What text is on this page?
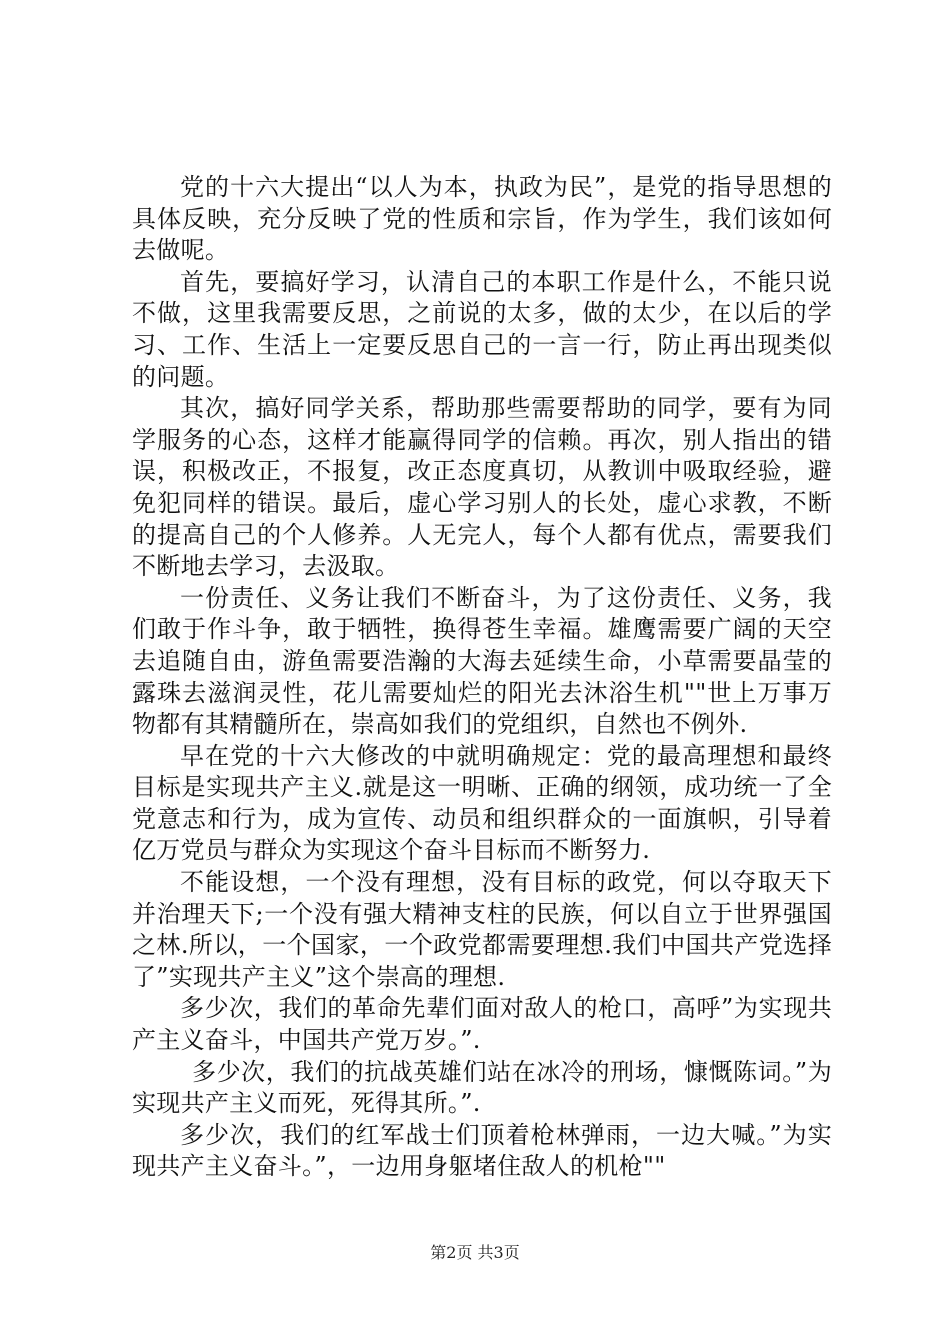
党的十六大提出“以人为本，执政为民”，是党的指导思想的具体反映，充分反映了党的性质和宗旨，作为学生，我们该如何去做呢。

首先，要搞好学习，认清自己的本职工作是什么，不能只说不做，这里我需要反思，之前说的太多，做的太少，在以后的学习、工作、生活上一定要反思自己的一言一行，防止再出现类似的问题。

其次，搞好同学关系，帮助那些需要帮助的同学，要有为同学服务的心态，这样才能赢得同学的信赖。再次，别人指出的错误，积极改正，不报复，改正态度真切，从教训中吸取经验，避免犯同样的错误。最后，虚心学习别人的长处，虚心求教，不断的提高自己的个人修养。人无完人，每个人都有优点，需要我们不断地去学习，去汲取。

一份责任、义务让我们不断奋斗，为了这份责任、义务，我们敢于作斗争，敢于牺牲，换得苍生幸福。雄鹰需要广阔的天空去追随自由，游鱼需要浩瀚的大海去延续生命，小草需要晶莹的露珠去滋润灵性，花儿需要灿烂的阳光去沐浴生机""世上万事万物都有其精髓所在，崇高如我们的党组织，自然也不例外.

早在党的十六大修改的中就明确规定：党的最高理想和最终目标是实现共产主义.就是这一明晰、正确的纲领，成功统一了全党意志和行为，成为宣传、动员和组织群众的一面旗帜，引导着亿万党员与群众为实现这个奋斗目标而不断努力.

不能设想，一个没有理想，没有目标的政党，何以夺取天下并治理天下;一个没有强大精神支柱的民族，何以自立于世界强国之林.所以，一个国家，一个政党都需要理想.我们中国共产党选择了”实现共产主义”这个崇高的理想.

多少次，我们的革命先辈们面对敌人的枪口，高呼”为实现共产主义奋斗，中国共产党万岁。”.

多少次，我们的抗战英雄们站在冰冷的刑场，慷慨陈词。”为实现共产主义而死，死得其所。”.

多少次，我们的红军战士们顶着枪林弹雨，一边大喊。”为实现共产主义奋斗。”，一边用身躯堵住敌人的机枪""

第2页 共3页
